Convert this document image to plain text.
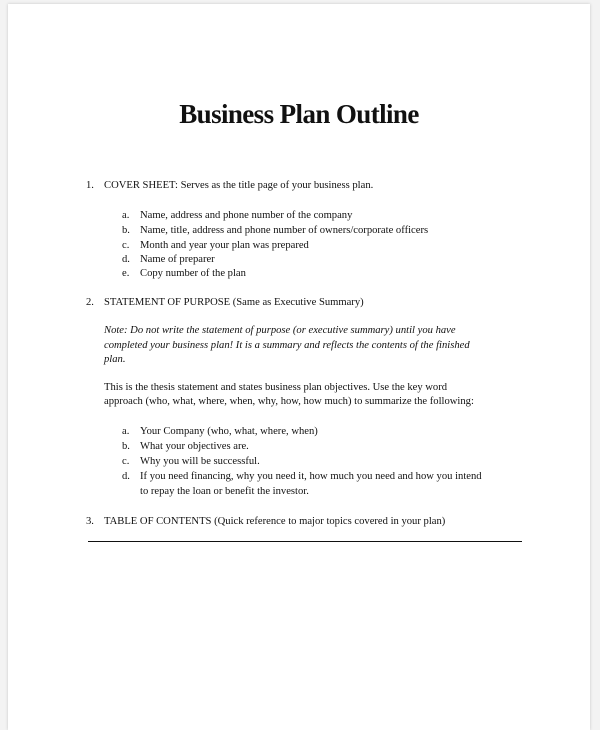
Business Plan Outline
1. COVER SHEET: Serves as the title page of your business plan.
a. Name, address and phone number of the company
b. Name, title, address and phone number of owners/corporate officers
c. Month and year your plan was prepared
d. Name of preparer
e. Copy number of the plan
2. STATEMENT OF PURPOSE (Same as Executive Summary)
Note: Do not write the statement of purpose (or executive summary) until you have
completed your business plan! It is a summary and reflects the contents of the finished
plan.
This is the thesis statement and states business plan objectives. Use the key word
approach (who, what, where, when, why, how, how much) to summarize the following:
a. Your Company (who, what, where, when)
b. What your objectives are.
c. Why you will be successful.
d. If you need financing, why you need it, how much you need and how you intend
to repay the loan or benefit the investor.
3. TABLE OF CONTENTS (Quick reference to major topics covered in your plan)
